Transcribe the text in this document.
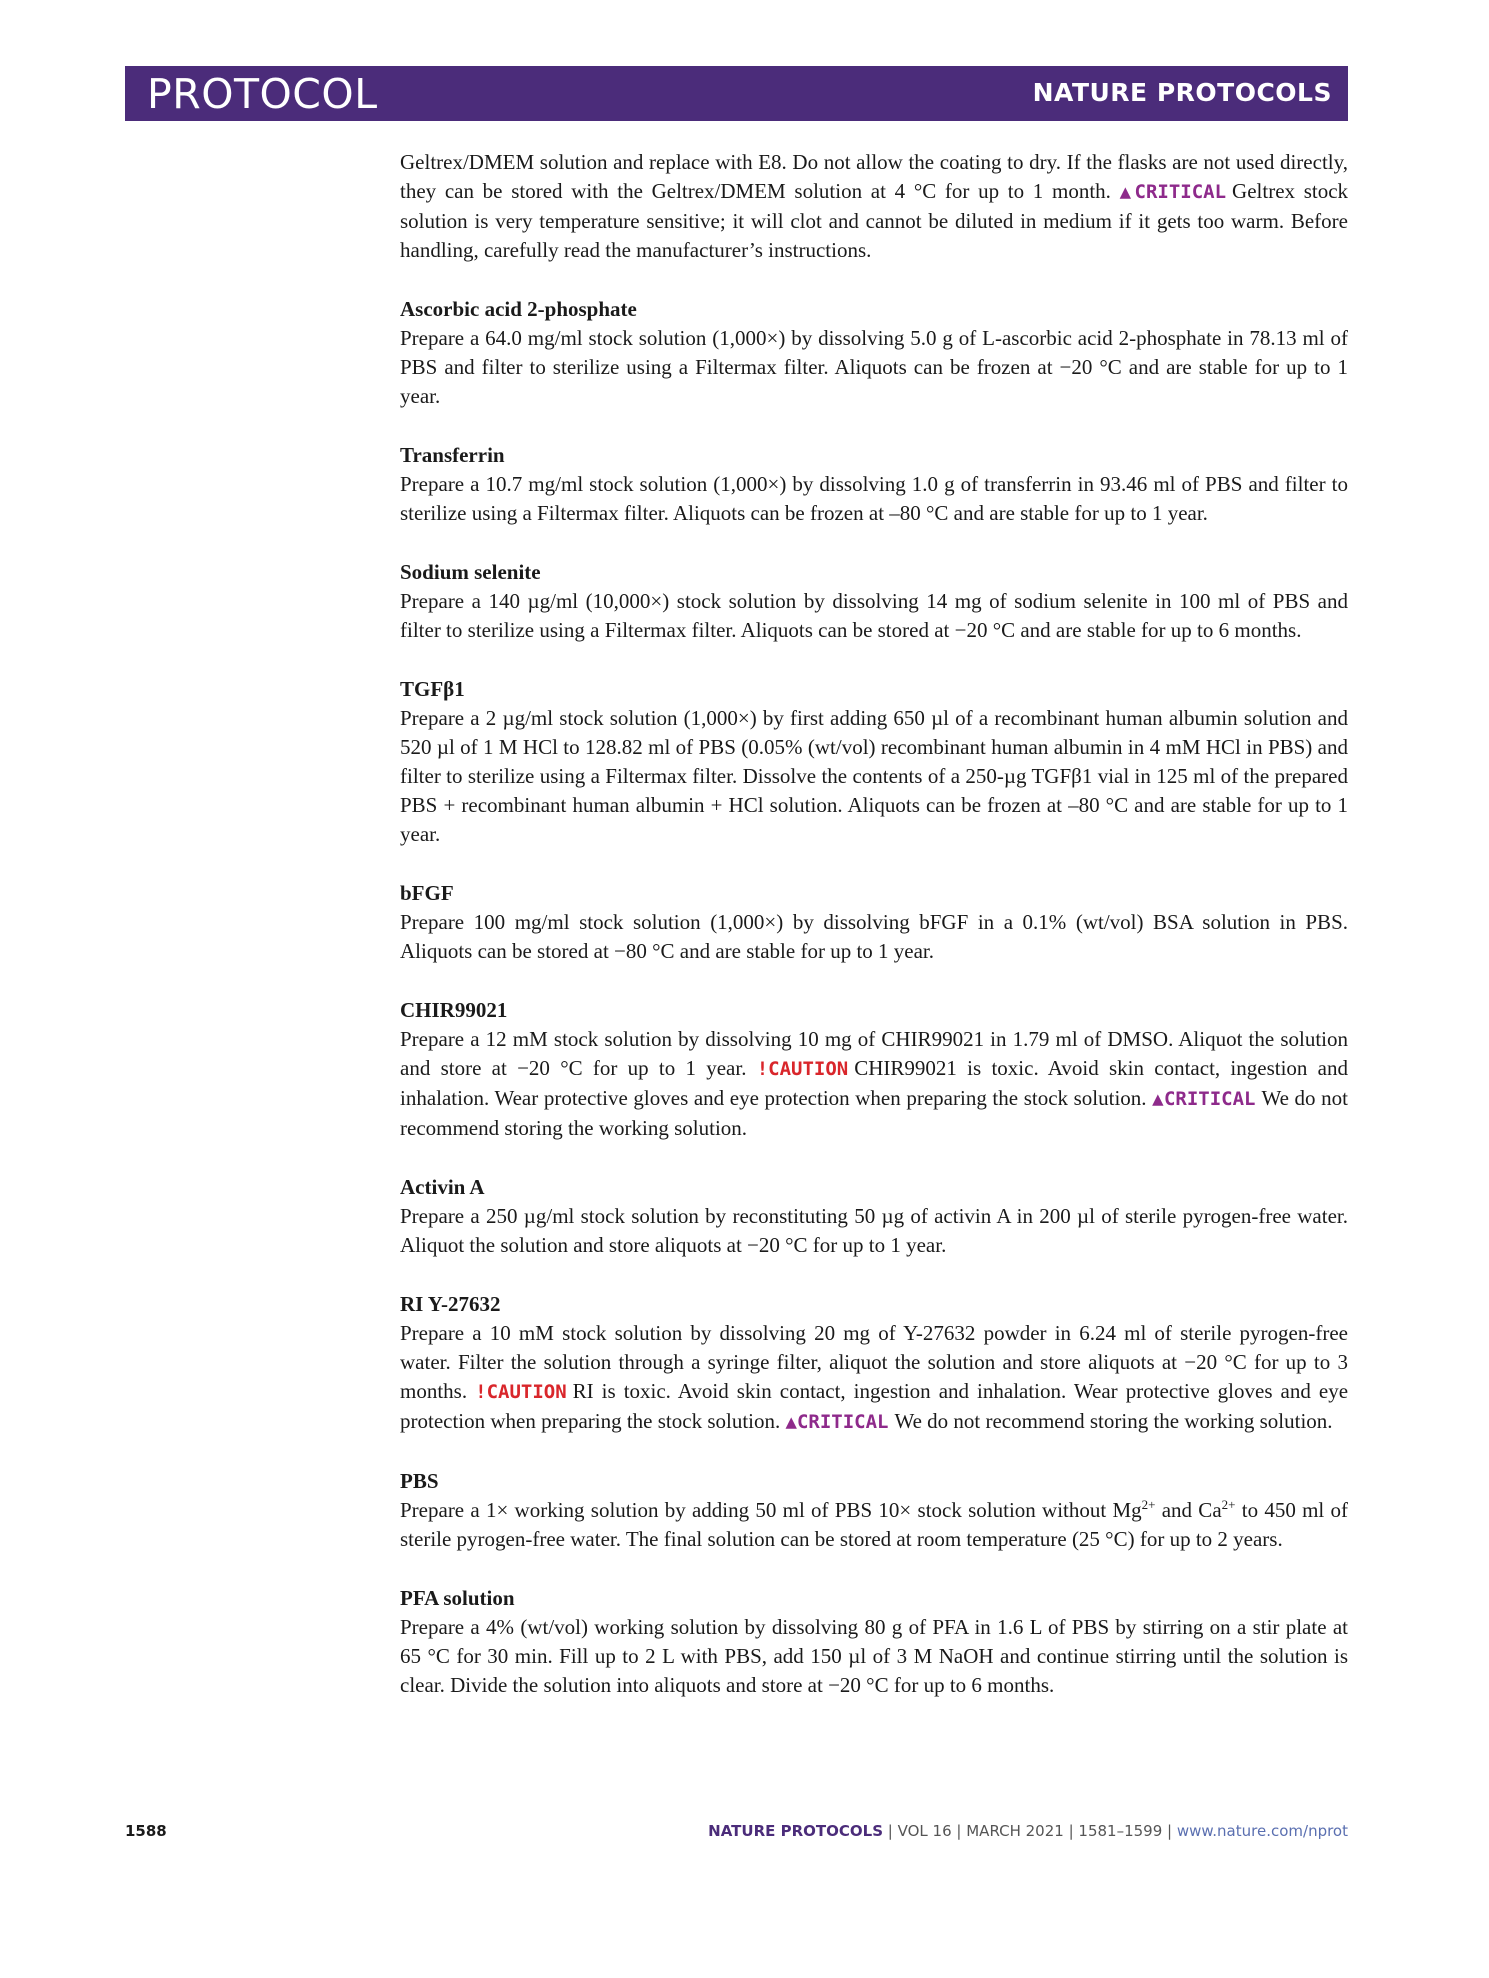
PROTOCOL	NATURE PROTOCOLS

Geltrex/DMEM solution and replace with E8. Do not allow the coating to dry. If the flasks are not used directly, they can be stored with the Geltrex/DMEM solution at 4 °C for up to 1 month. ▲CRITICAL Geltrex stock solution is very temperature sensitive; it will clot and cannot be diluted in medium if it gets too warm. Before handling, carefully read the manufacturer’s instructions.

Ascorbic acid 2-phosphate

Prepare a 64.0 mg/ml stock solution (1,000×) by dissolving 5.0 g of L-ascorbic acid 2-phosphate in 78.13 ml of PBS and filter to sterilize using a Filtermax filter. Aliquots can be frozen at −20 °C and are stable for up to 1 year.

Transferrin

Prepare a 10.7 mg/ml stock solution (1,000×) by dissolving 1.0 g of transferrin in 93.46 ml of PBS and filter to sterilize using a Filtermax filter. Aliquots can be frozen at –80 °C and are stable for up to 1 year.

Sodium selenite

Prepare a 140 µg/ml (10,000×) stock solution by dissolving 14 mg of sodium selenite in 100 ml of PBS and filter to sterilize using a Filtermax filter. Aliquots can be stored at −20 °C and are stable for up to 6 months.

TGFβ1

Prepare a 2 µg/ml stock solution (1,000×) by first adding 650 µl of a recombinant human albumin solution and 520 µl of 1 M HCl to 128.82 ml of PBS (0.05% (wt/vol) recombinant human albumin in 4 mM HCl in PBS) and filter to sterilize using a Filtermax filter. Dissolve the contents of a 250-µg TGFβ1 vial in 125 ml of the prepared PBS + recombinant human albumin + HCl solution. Aliquots can be frozen at –80 °C and are stable for up to 1 year.

bFGF

Prepare 100 mg/ml stock solution (1,000×) by dissolving bFGF in a 0.1% (wt/vol) BSA solution in PBS. Aliquots can be stored at −80 °C and are stable for up to 1 year.

CHIR99021

Prepare a 12 mM stock solution by dissolving 10 mg of CHIR99021 in 1.79 ml of DMSO. Aliquot the solution and store at −20 °C for up to 1 year. !CAUTION CHIR99021 is toxic. Avoid skin contact, ingestion and inhalation. Wear protective gloves and eye protection when preparing the stock solution. ▲CRITICAL We do not recommend storing the working solution.

Activin A

Prepare a 250 µg/ml stock solution by reconstituting 50 µg of activin A in 200 µl of sterile pyrogen-free water. Aliquot the solution and store aliquots at −20 °C for up to 1 year.

RI Y-27632

Prepare a 10 mM stock solution by dissolving 20 mg of Y-27632 powder in 6.24 ml of sterile pyrogen-free water. Filter the solution through a syringe filter, aliquot the solution and store aliquots at −20 °C for up to 3 months. !CAUTION RI is toxic. Avoid skin contact, ingestion and inhalation. Wear protective gloves and eye protection when preparing the stock solution. ▲CRITICAL We do not recommend storing the working solution.

PBS

Prepare a 1× working solution by adding 50 ml of PBS 10× stock solution without $Mg^{2+}$ and $Ca^{2+}$ to 450 ml of sterile pyrogen-free water. The final solution can be stored at room temperature (25 °C) for up to 2 years.

PFA solution

Prepare a 4% (wt/vol) working solution by dissolving 80 g of PFA in 1.6 L of PBS by stirring on a stir plate at 65 °C for 30 min. Fill up to 2 L with PBS, add 150 µl of 3 M NaOH and continue stirring until the solution is clear. Divide the solution into aliquots and store at −20 °C for up to 6 months.

1588	NATURE PROTOCOLS | VOL 16 | MARCH 2021 | 1581–1599 | www.nature.com/nprot
